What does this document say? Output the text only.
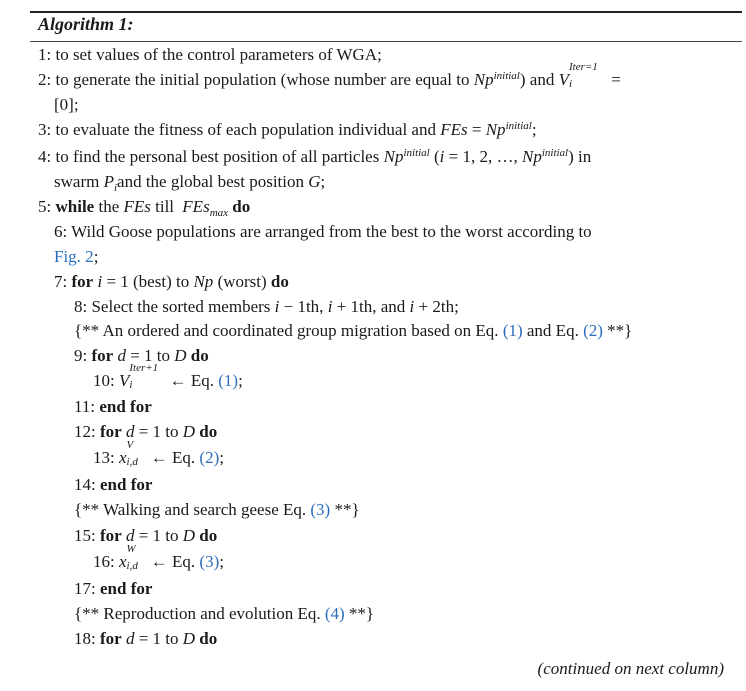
Algorithm 1:
1: to set values of the control parameters of WGA;
2: to generate the initial population (whose number are equal to $Np^{initial}$) and V
Iter=1
i =
[0];
3: to evaluate the fitness of each population individual and FEs = $Np^{initial}$;
4: to find the personal best position of all particles $Np^{initial}$ (i = 1, 2, …, $Np^{initial}$) in
swarm $P_iand$ the global best position G;
5: while the FEs till FEs$_{max}$ do
6: Wild Goose populations are arranged from the best to the worst according to
Fig. 2;
7: for i = 1 (best) to Np (worst) do
8: Select the sorted members i − 1th, i + 1th, and i + 2th;
{** An ordered and coordinated group migration based on Eq. (1) and Eq. (2) **}
9: for d = 1 to D do
10: V
Iter+1
i ← Eq. (1);
11: end for
12: for d = 1 to D do
13: x
V
i,d ← Eq. (2);
14: end for
{** Walking and search geese Eq. (3) **}
15: for d = 1 to D do
16: x
W
i,d ← Eq. (3);
17: end for
{** Reproduction and evolution Eq. (4) **}
18: for d = 1 to D do
(continued on next column)
